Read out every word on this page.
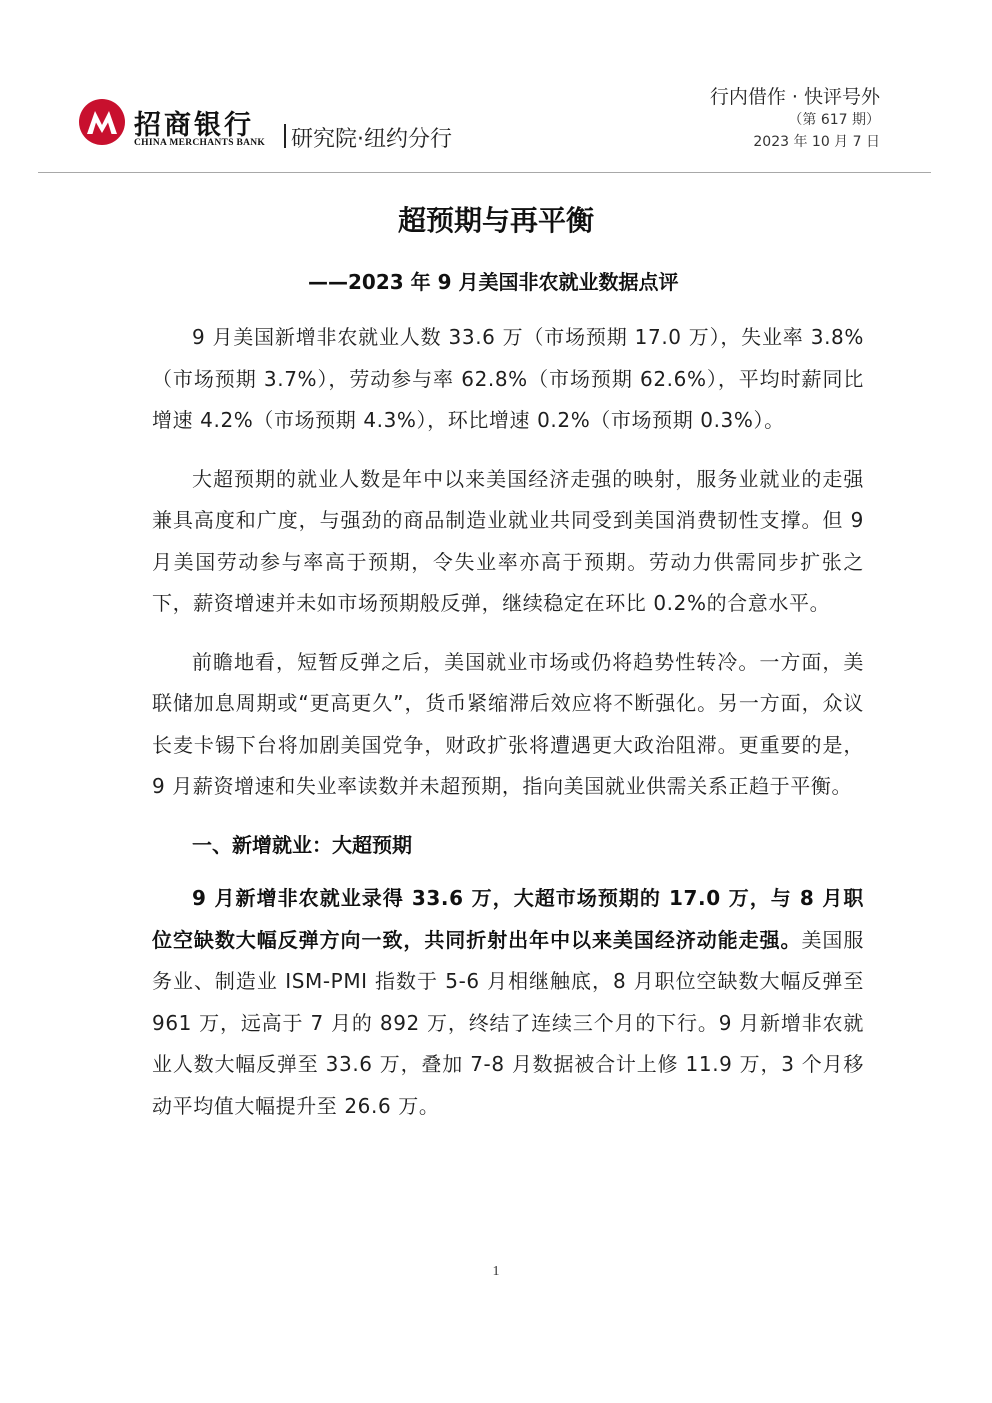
招商银行
CHINA MERCHANTS BANK 研究院·纽约分行
行内借作 · 快评号外
（第 617 期）
2023 年 10 月 7 日
超预期与再平衡
——2023 年 9 月美国非农就业数据点评

9 月美国新增非农就业人数 33.6 万（市场预期 17.0 万），失业率 3.8%（市场预期 3.7%），劳动参与率 62.8%（市场预期 62.6%），平均时薪同比增速 4.2%（市场预期 4.3%），环比增速 0.2%（市场预期 0.3%）。

大超预期的就业人数是年中以来美国经济走强的映射，服务业就业的走强兼具高度和广度，与强劲的商品制造业就业共同受到美国消费韧性支撑。但 9 月美国劳动参与率高于预期，令失业率亦高于预期。劳动力供需同步扩张之下，薪资增速并未如市场预期般反弹，继续稳定在环比 0.2%的合意水平。

前瞻地看，短暂反弹之后，美国就业市场或仍将趋势性转冷。一方面，美联储加息周期或“更高更久”，货币紧缩滞后效应将不断强化。另一方面，众议长麦卡锡下台将加剧美国党争，财政扩张将遭遇更大政治阻滞。更重要的是，9 月薪资增速和失业率读数并未超预期，指向美国就业供需关系正趋于平衡。

一、新增就业：大超预期

9 月新增非农就业录得 33.6 万，大超市场预期的 17.0 万，与 8 月职位空缺数大幅反弹方向一致，共同折射出年中以来美国经济动能走强。美国服务业、制造业 ISM-PMI 指数于 5-6 月相继触底，8 月职位空缺数大幅反弹至 961 万，远高于 7 月的 892 万，终结了连续三个月的下行。9 月新增非农就业人数大幅反弹至 33.6 万，叠加 7-8 月数据被合计上修 11.9 万，3 个月移动平均值大幅提升至 26.6 万。

1
